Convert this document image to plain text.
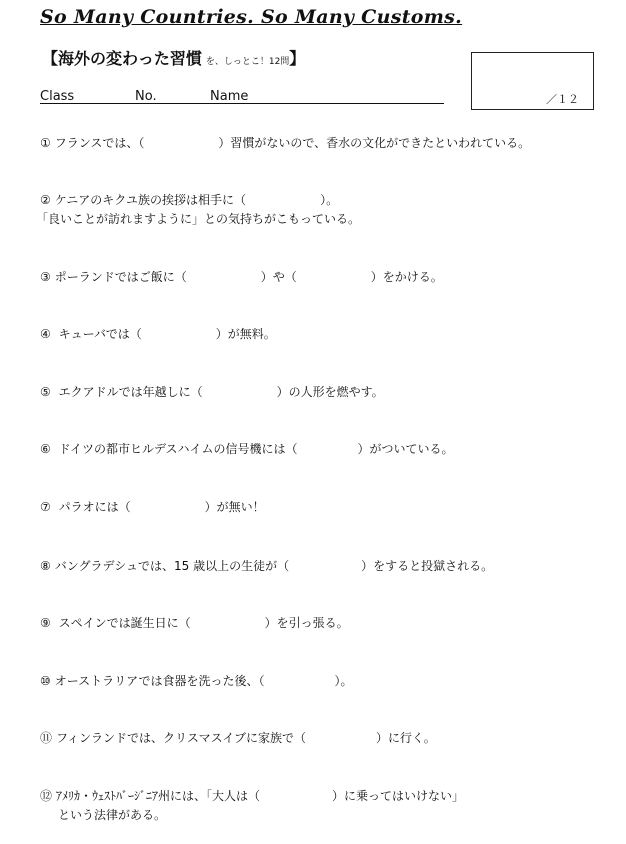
So Many Countries. So Many Customs.
【海外の変わった習慣 を、しっとこ！12問】
／１２
Class	No.	Name
① フランスでは、（	）習慣がないので、香水の文化ができたといわれている。
② ケニアのキクユ族の挨拶は相手に（	）。
「良いことが訪れますように」との気持ちがこもっている。
③ ポーランドではご飯に（	）や（	）をかける。
④ キューバでは（	）が無料。
⑤ エクアドルでは年越しに（	）の人形を燃やす。
⑥ ドイツの都市ヒルデスハイムの信号機には（	）がついている。
⑦ パラオには（	）が無い！
⑧ バングラデシュでは、15 歳以上の生徒が（	）をすると投獄される。
⑨ スペインでは誕生日に（	）を引っ張る。
⑩ オーストラリアでは食器を洗った後、（	）。
⑪ フィンランドでは、クリスマスイブに家族で（	）に行く。
⑫ ｱﾒﾘｶ・ｳｪｽﾄﾊﾞｰｼﾞﾆｱ州には、「大人は（	）に乗ってはいけない」
という法律がある。
